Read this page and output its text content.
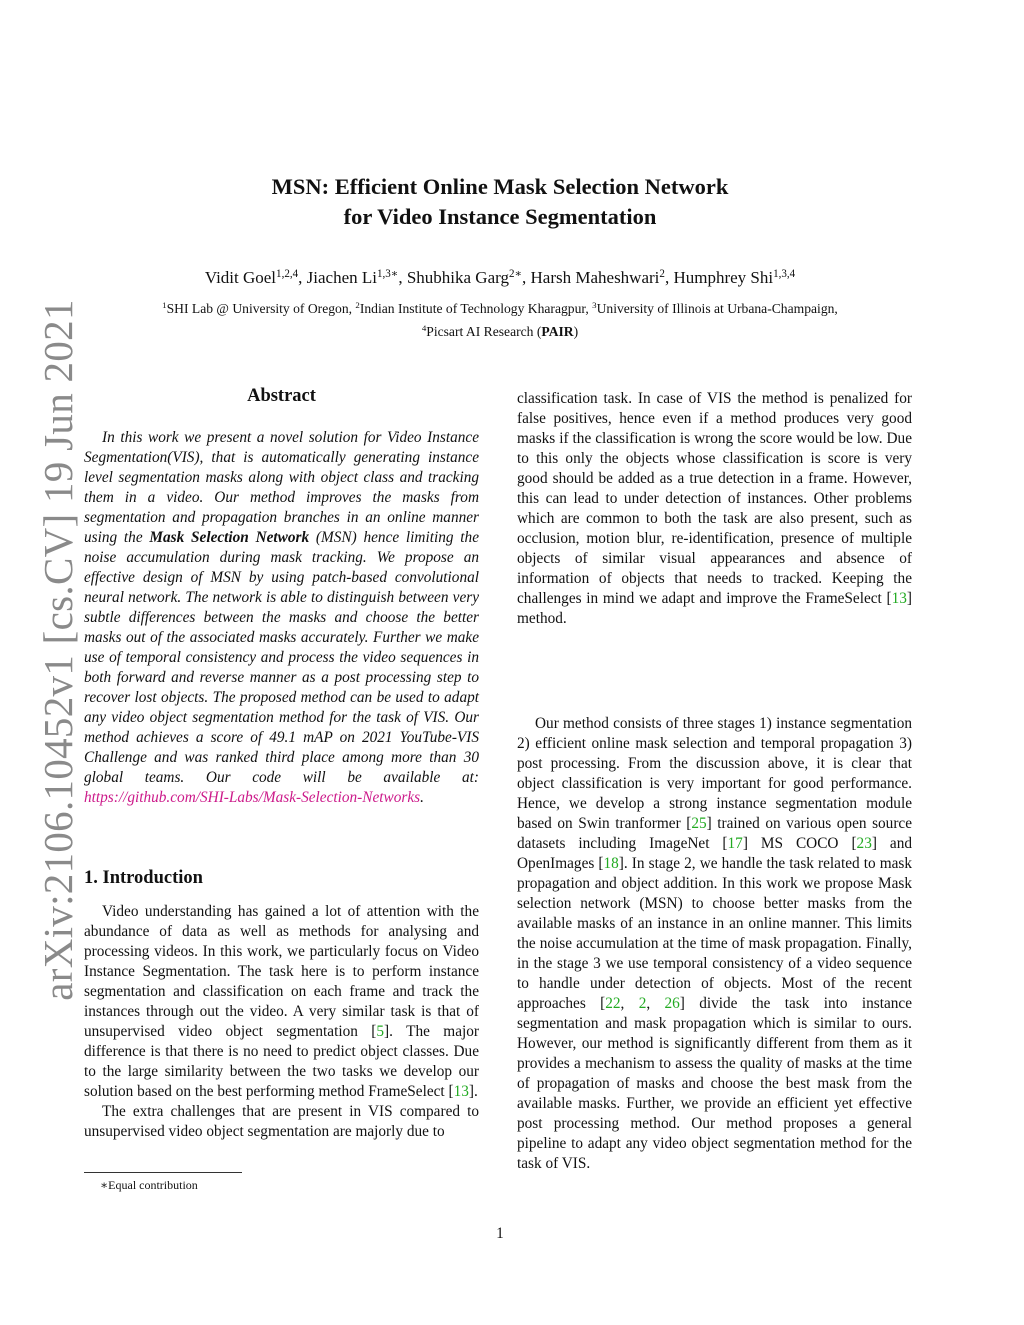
arXiv:2106.10452v1 [cs.CV] 19 Jun 2021
MSN: Efficient Online Mask Selection Network
for Video Instance Segmentation
Vidit Goel$^{1,2,4}$, Jiachen $Li^{1,3∗}$, Shubhika Garg$^{2∗}$, Harsh Maheshwari$^2$, Humphrey Shi$^{1,3,4}$
$^1$SHI Lab @ University of Oregon, $^2$Indian Institute of Technology Kharagpur, $^3$University of Illinois at Urbana-Champaign,
$^4$Picsart AI Research (PAIR)
Abstract
In this work we present a novel solution for Video Instance Segmentation(VIS), that is automatically generating instance level segmentation masks along with object class and tracking them in a video. Our method improves the masks from segmentation and propagation branches in an online manner using the Mask Selection Network (MSN) hence limiting the noise accumulation during mask tracking. We propose an effective design of MSN by using patch-based convolutional neural network. The network is able to distinguish between very subtle differences between the masks and choose the better masks out of the associated masks accurately. Further we make use of temporal consistency and process the video sequences in both forward and reverse manner as a post processing step to recover lost objects. The proposed method can be used to adapt any video object segmentation method for the task of VIS. Our method achieves a score of 49.1 mAP on 2021 YouTube-VIS Challenge and was ranked third place among more than 30 global teams. Our code will be available at: https://github.com/SHI-Labs/Mask-Selection-Networks.
1. Introduction

Video understanding has gained a lot of attention with the abundance of data as well as methods for analysing and processing videos. In this work, we particularly focus on Video Instance Segmentation. The task here is to perform instance segmentation and classification on each frame and track the instances through out the video. A very similar task is that of unsupervised video object segmentation [5]. The major difference is that there is no need to predict object classes. Due to the large similarity between the two tasks we develop our solution based on the best performing method FrameSelect [13].

The extra challenges that are present in VIS compared to unsupervised video object segmentation are majorly due to

∗Equal contribution

classification task. In case of VIS the method is penalized for false positives, hence even if a method produces very good masks if the classification is wrong the score would be low. Due to this only the objects whose classification is score is very good should be added as a true detection in a frame. However, this can lead to under detection of instances. Other problems which are common to both the task are also present, such as occlusion, motion blur, re-identification, presence of multiple objects of similar visual appearances and absence of information of objects that needs to tracked. Keeping the challenges in mind we adapt and improve the FrameSelect [13] method.

Our method consists of three stages 1) instance segmentation 2) efficient online mask selection and temporal propagation 3) post processing. From the discussion above, it is clear that object classification is very important for good performance. Hence, we develop a strong instance segmentation module based on Swin tranformer [25] trained on various open source datasets including ImageNet [17] MS COCO [23] and OpenImages [18]. In stage 2, we handle the task related to mask propagation and object addition. In this work we propose Mask selection network (MSN) to choose better masks from the available masks of an instance in an online manner. This limits the noise accumulation at the time of mask propagation. Finally, in the stage 3 we use temporal consistency of a video sequence to handle under detection of objects. Most of the recent approaches [22, 2, 26] divide the task into instance segmentation and mask propagation which is similar to ours. However, our method is significantly different from them as it provides a mechanism to assess the quality of masks at the time of propagation of masks and choose the best mask from the available masks. Further, we provide an efficient yet effective post processing method. Our method proposes a general pipeline to adapt any video object segmentation method for the task of VIS.

1
